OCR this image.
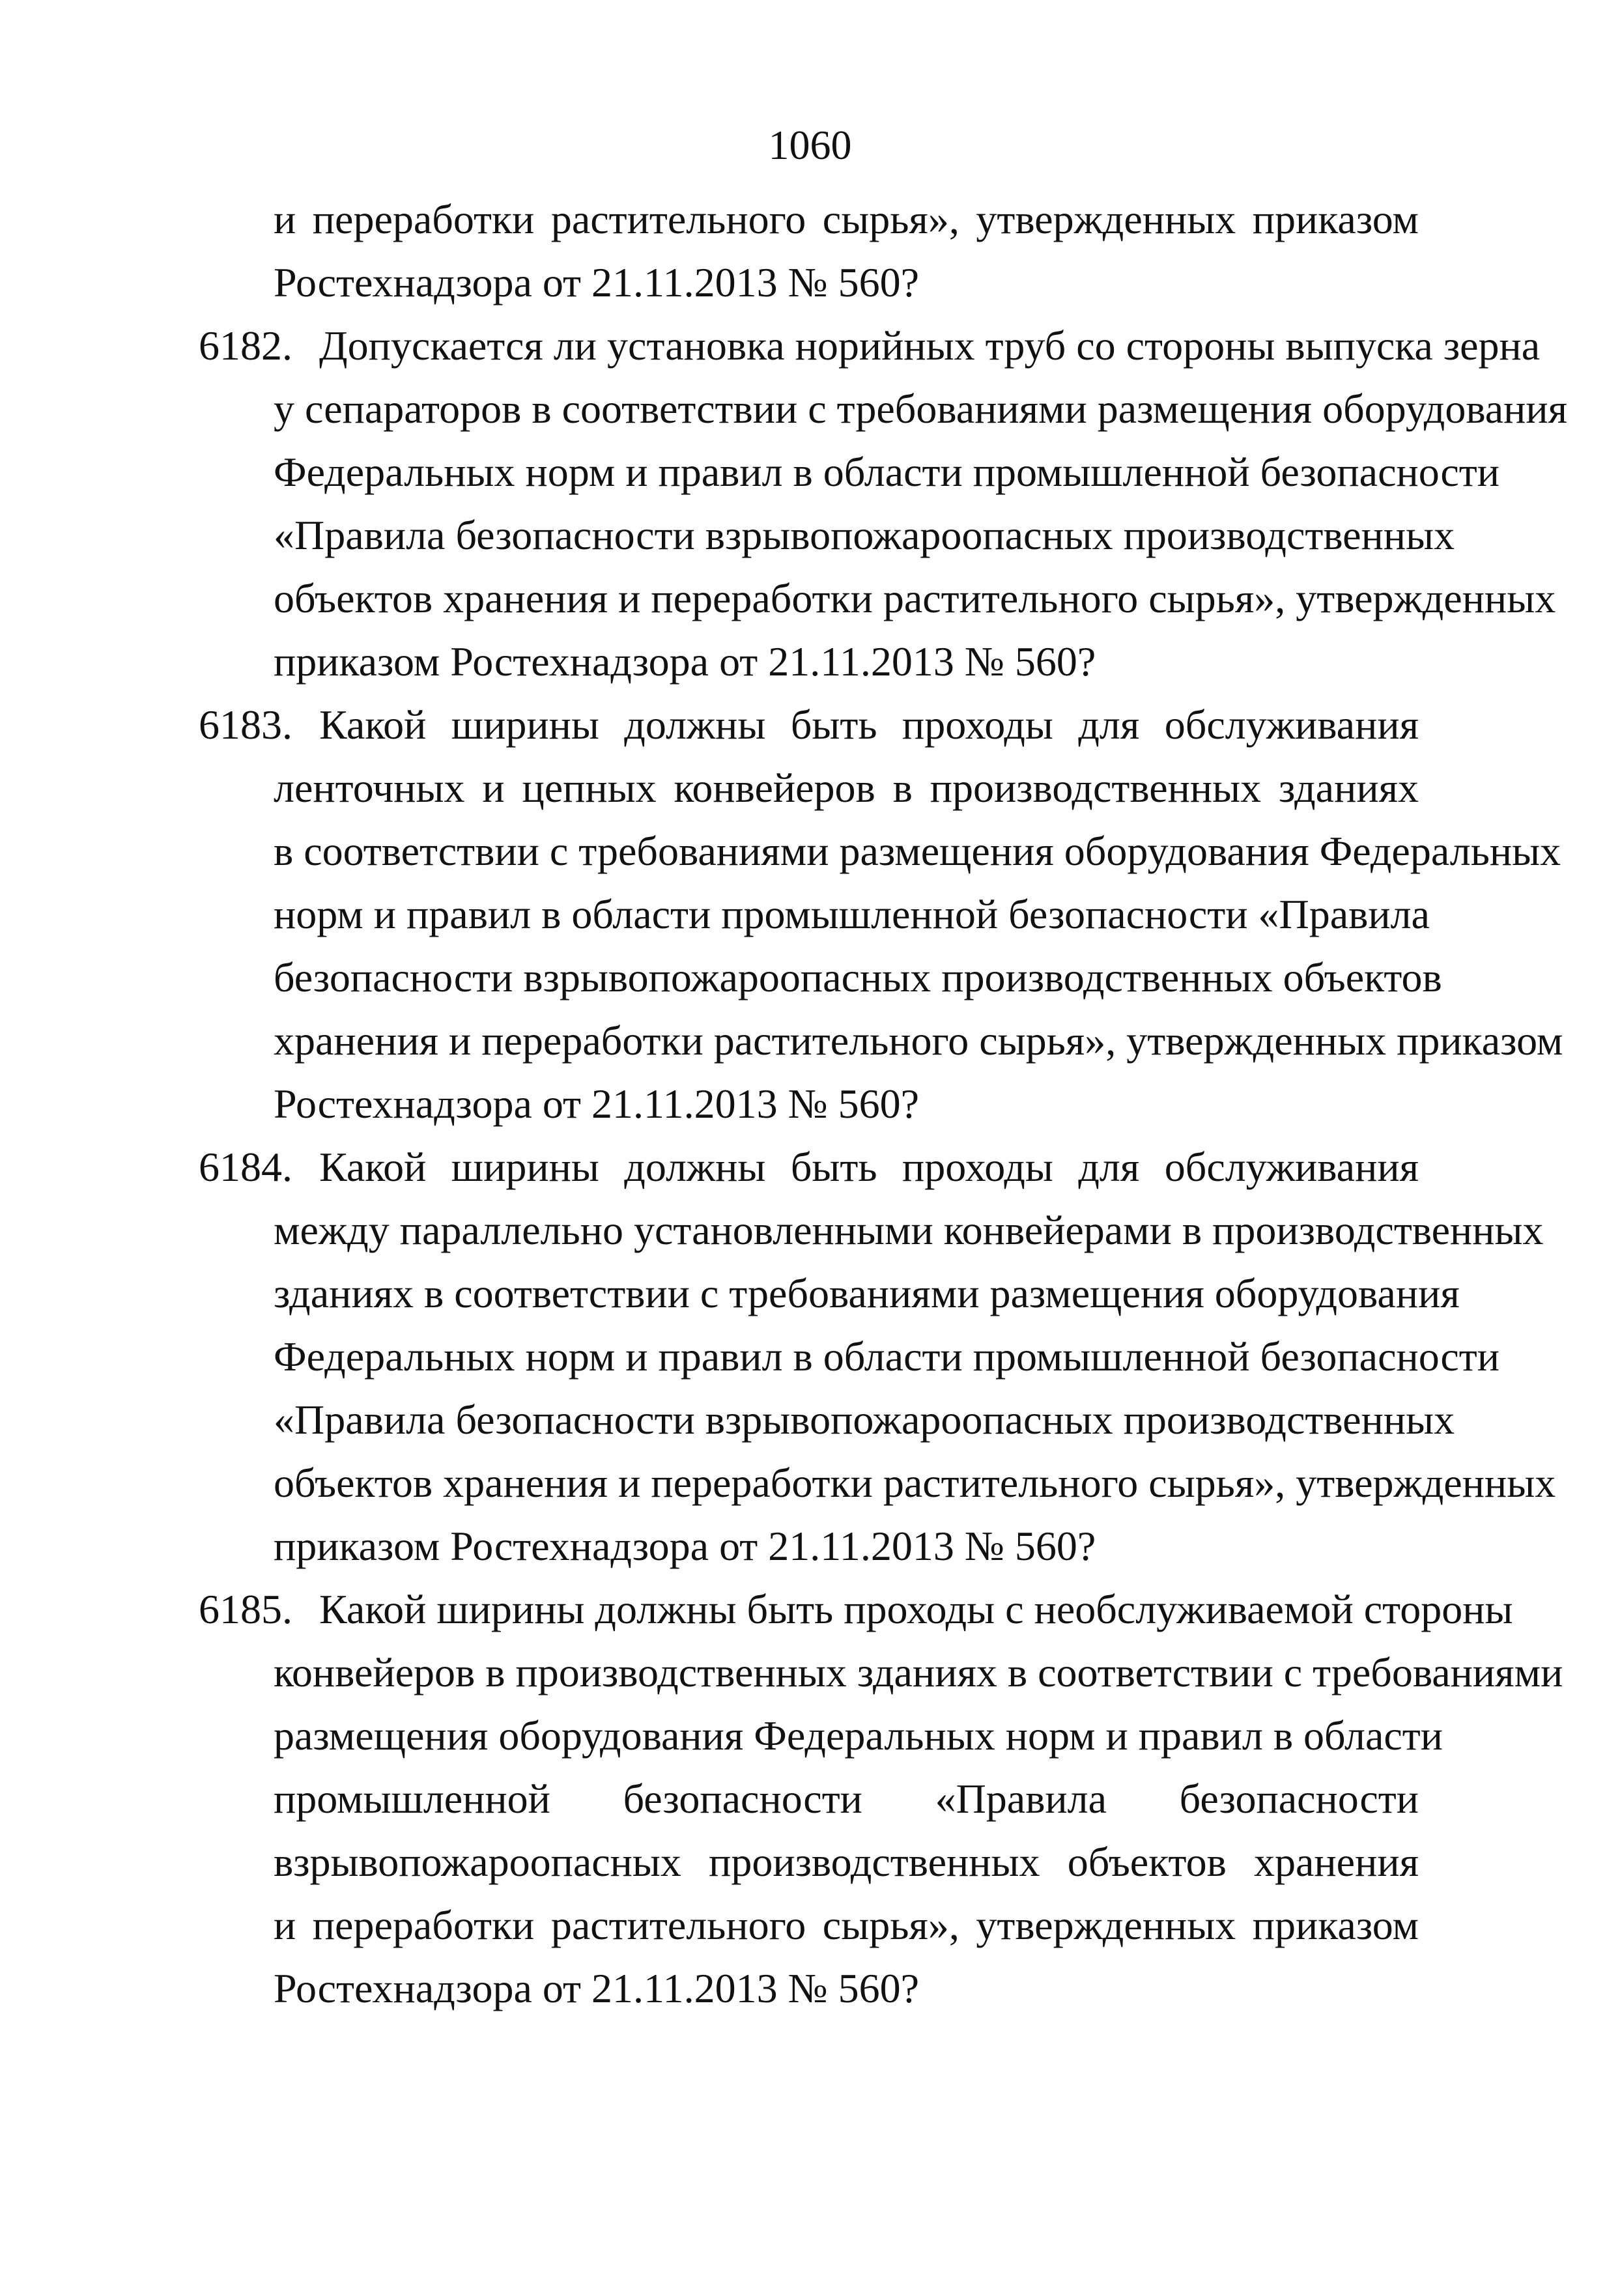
1060
и переработки растительного сырья», утвержденных приказом
Ростехнадзора от 21.11.2013 № 560?
6182. Допускается ли установка норийных труб со стороны выпуска зерна
у сепараторов в соответствии с требованиями размещения оборудования
Федеральных норм и правил в области промышленной безопасности
«Правила безопасности взрывопожароопасных производственных
объектов хранения и переработки растительного сырья», утвержденных
приказом Ростехнадзора от 21.11.2013 № 560?
6183. Какой ширины должны быть проходы для обслуживания
ленточных и цепных конвейеров в производственных зданиях
в соответствии с требованиями размещения оборудования Федеральных
норм и правил в области промышленной безопасности «Правила
безопасности взрывопожароопасных производственных объектов
хранения и переработки растительного сырья», утвержденных приказом
Ростехнадзора от 21.11.2013 № 560?
6184. Какой ширины должны быть проходы для обслуживания
между параллельно установленными конвейерами в производственных
зданиях в соответствии с требованиями размещения оборудования
Федеральных норм и правил в области промышленной безопасности
«Правила безопасности взрывопожароопасных производственных
объектов хранения и переработки растительного сырья», утвержденных
приказом Ростехнадзора от 21.11.2013 № 560?
6185. Какой ширины должны быть проходы с необслуживаемой стороны
конвейеров в производственных зданиях в соответствии с требованиями
размещения оборудования Федеральных норм и правил в области
промышленной безопасности «Правила безопасности
взрывопожароопасных производственных объектов хранения
и переработки растительного сырья», утвержденных приказом
Ростехнадзора от 21.11.2013 № 560?
